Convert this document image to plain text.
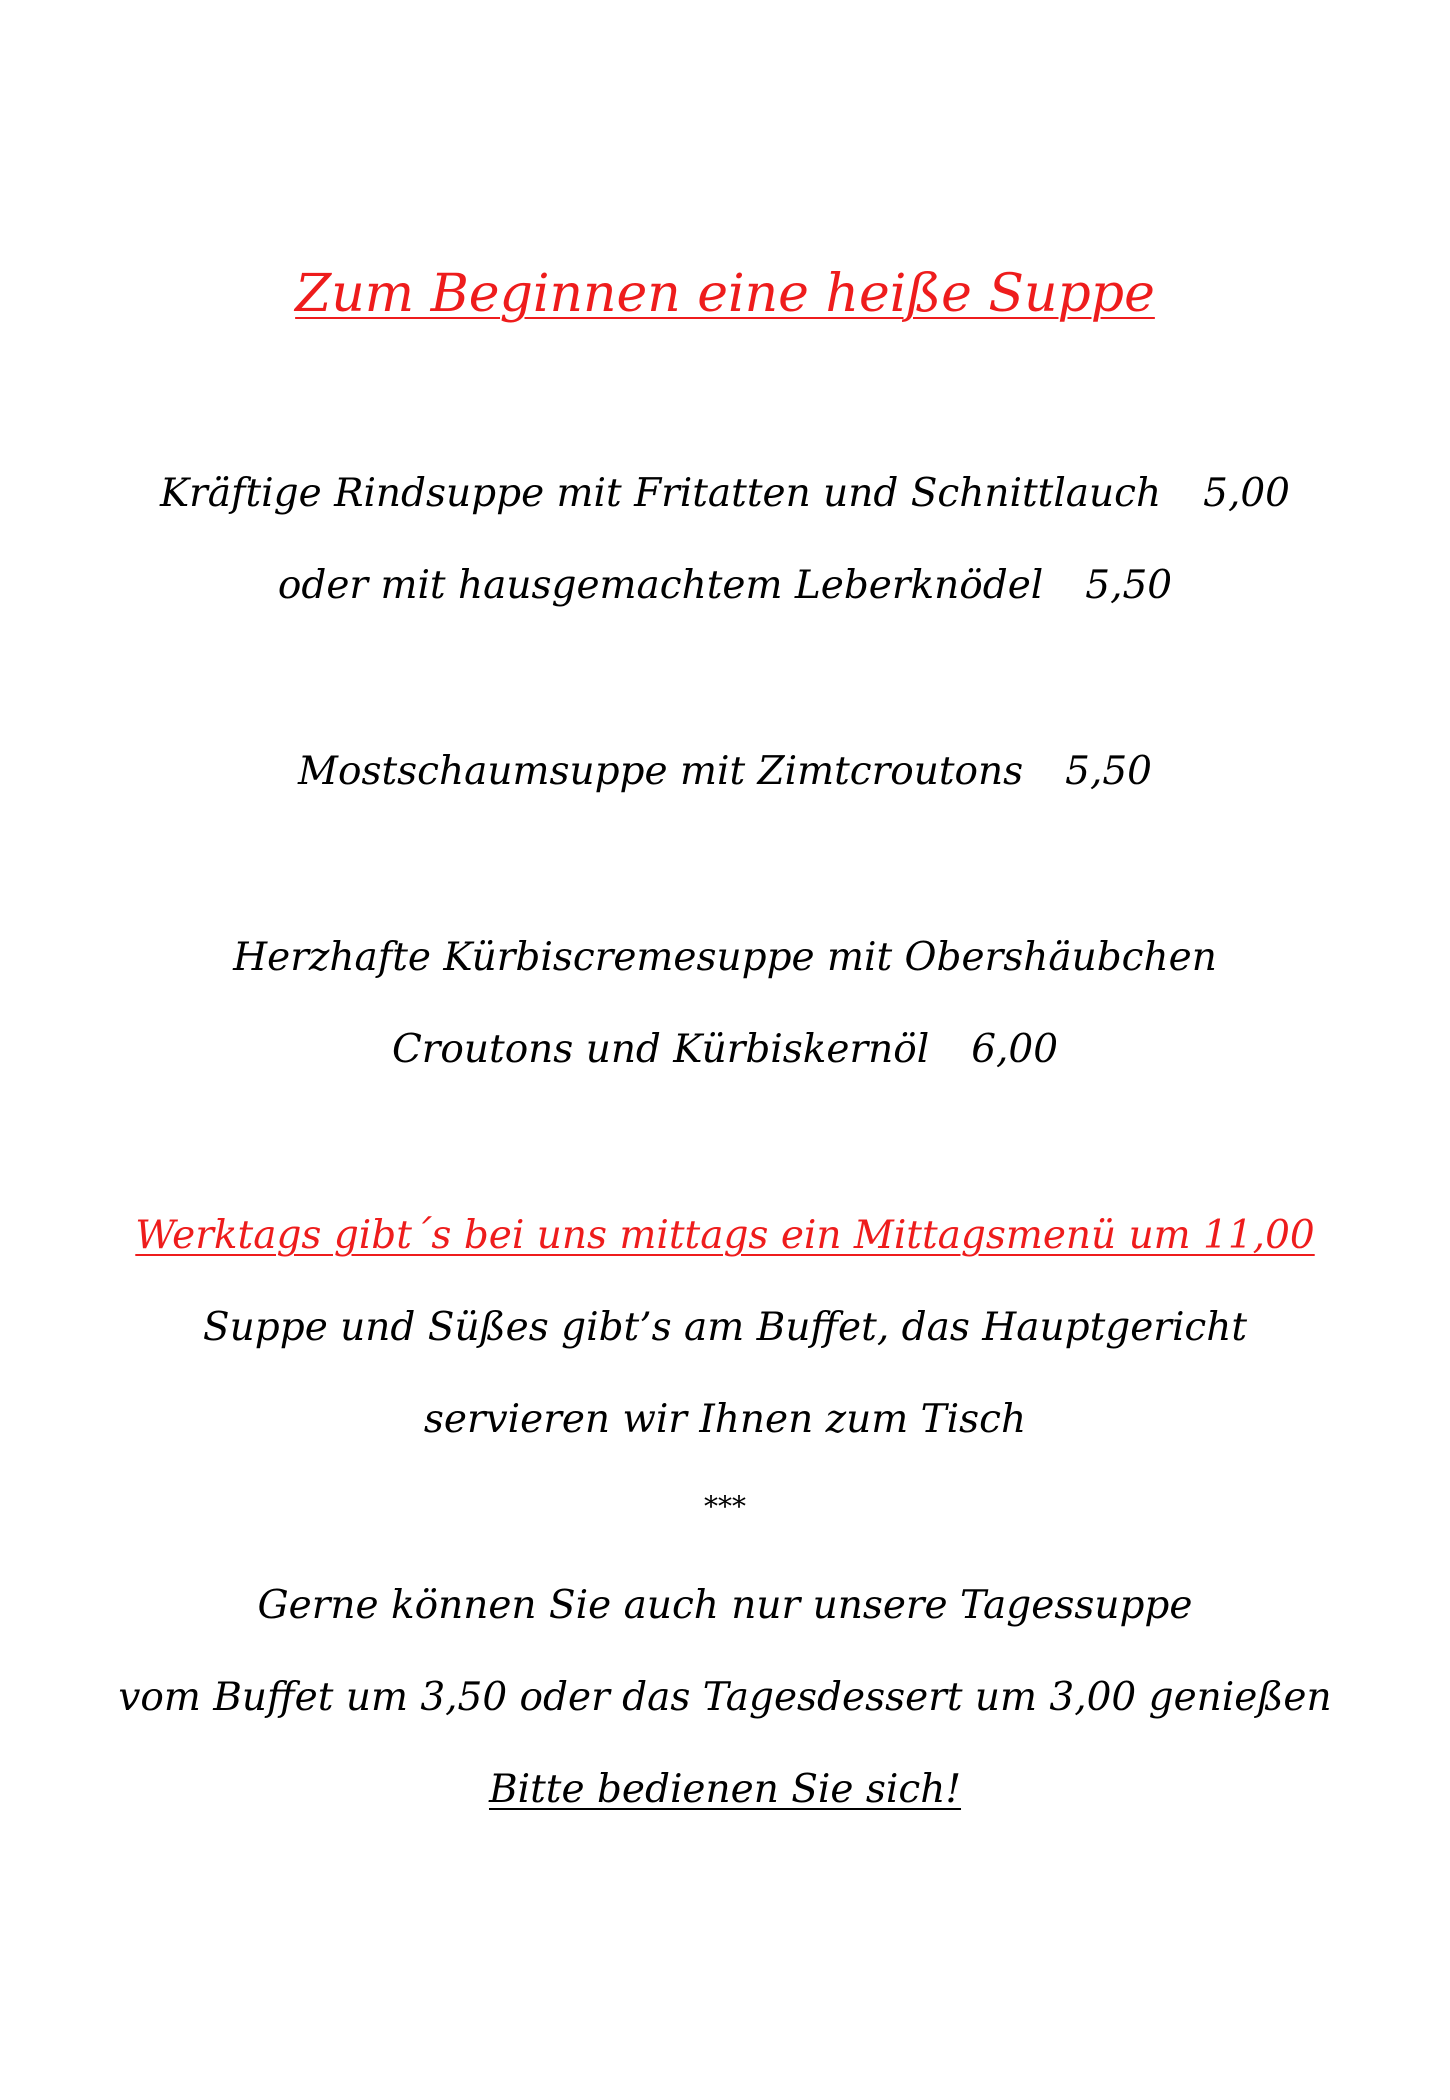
Zum Beginnen eine heiße Suppe
Kräftige Rindsuppe mit Fritatten und Schnittlauch 5,00
oder mit hausgemachtem Leberknödel 5,50
Mostschaumsuppe mit Zimtcroutons 5,50
Herzhafte Kürbiscremesuppe mit Obershäubchen
Croutons und Kürbiskernöl 6,00
Werktags gibt´s bei uns mittags ein Mittagsmenü um 11,00
Suppe und Süßes gibt’s am Buffet, das Hauptgericht
servieren wir Ihnen zum Tisch
***
Gerne können Sie auch nur unsere Tagessuppe
vom Buffet um 3,50 oder das Tagesdessert um 3,00 genießen
Bitte bedienen Sie sich!
